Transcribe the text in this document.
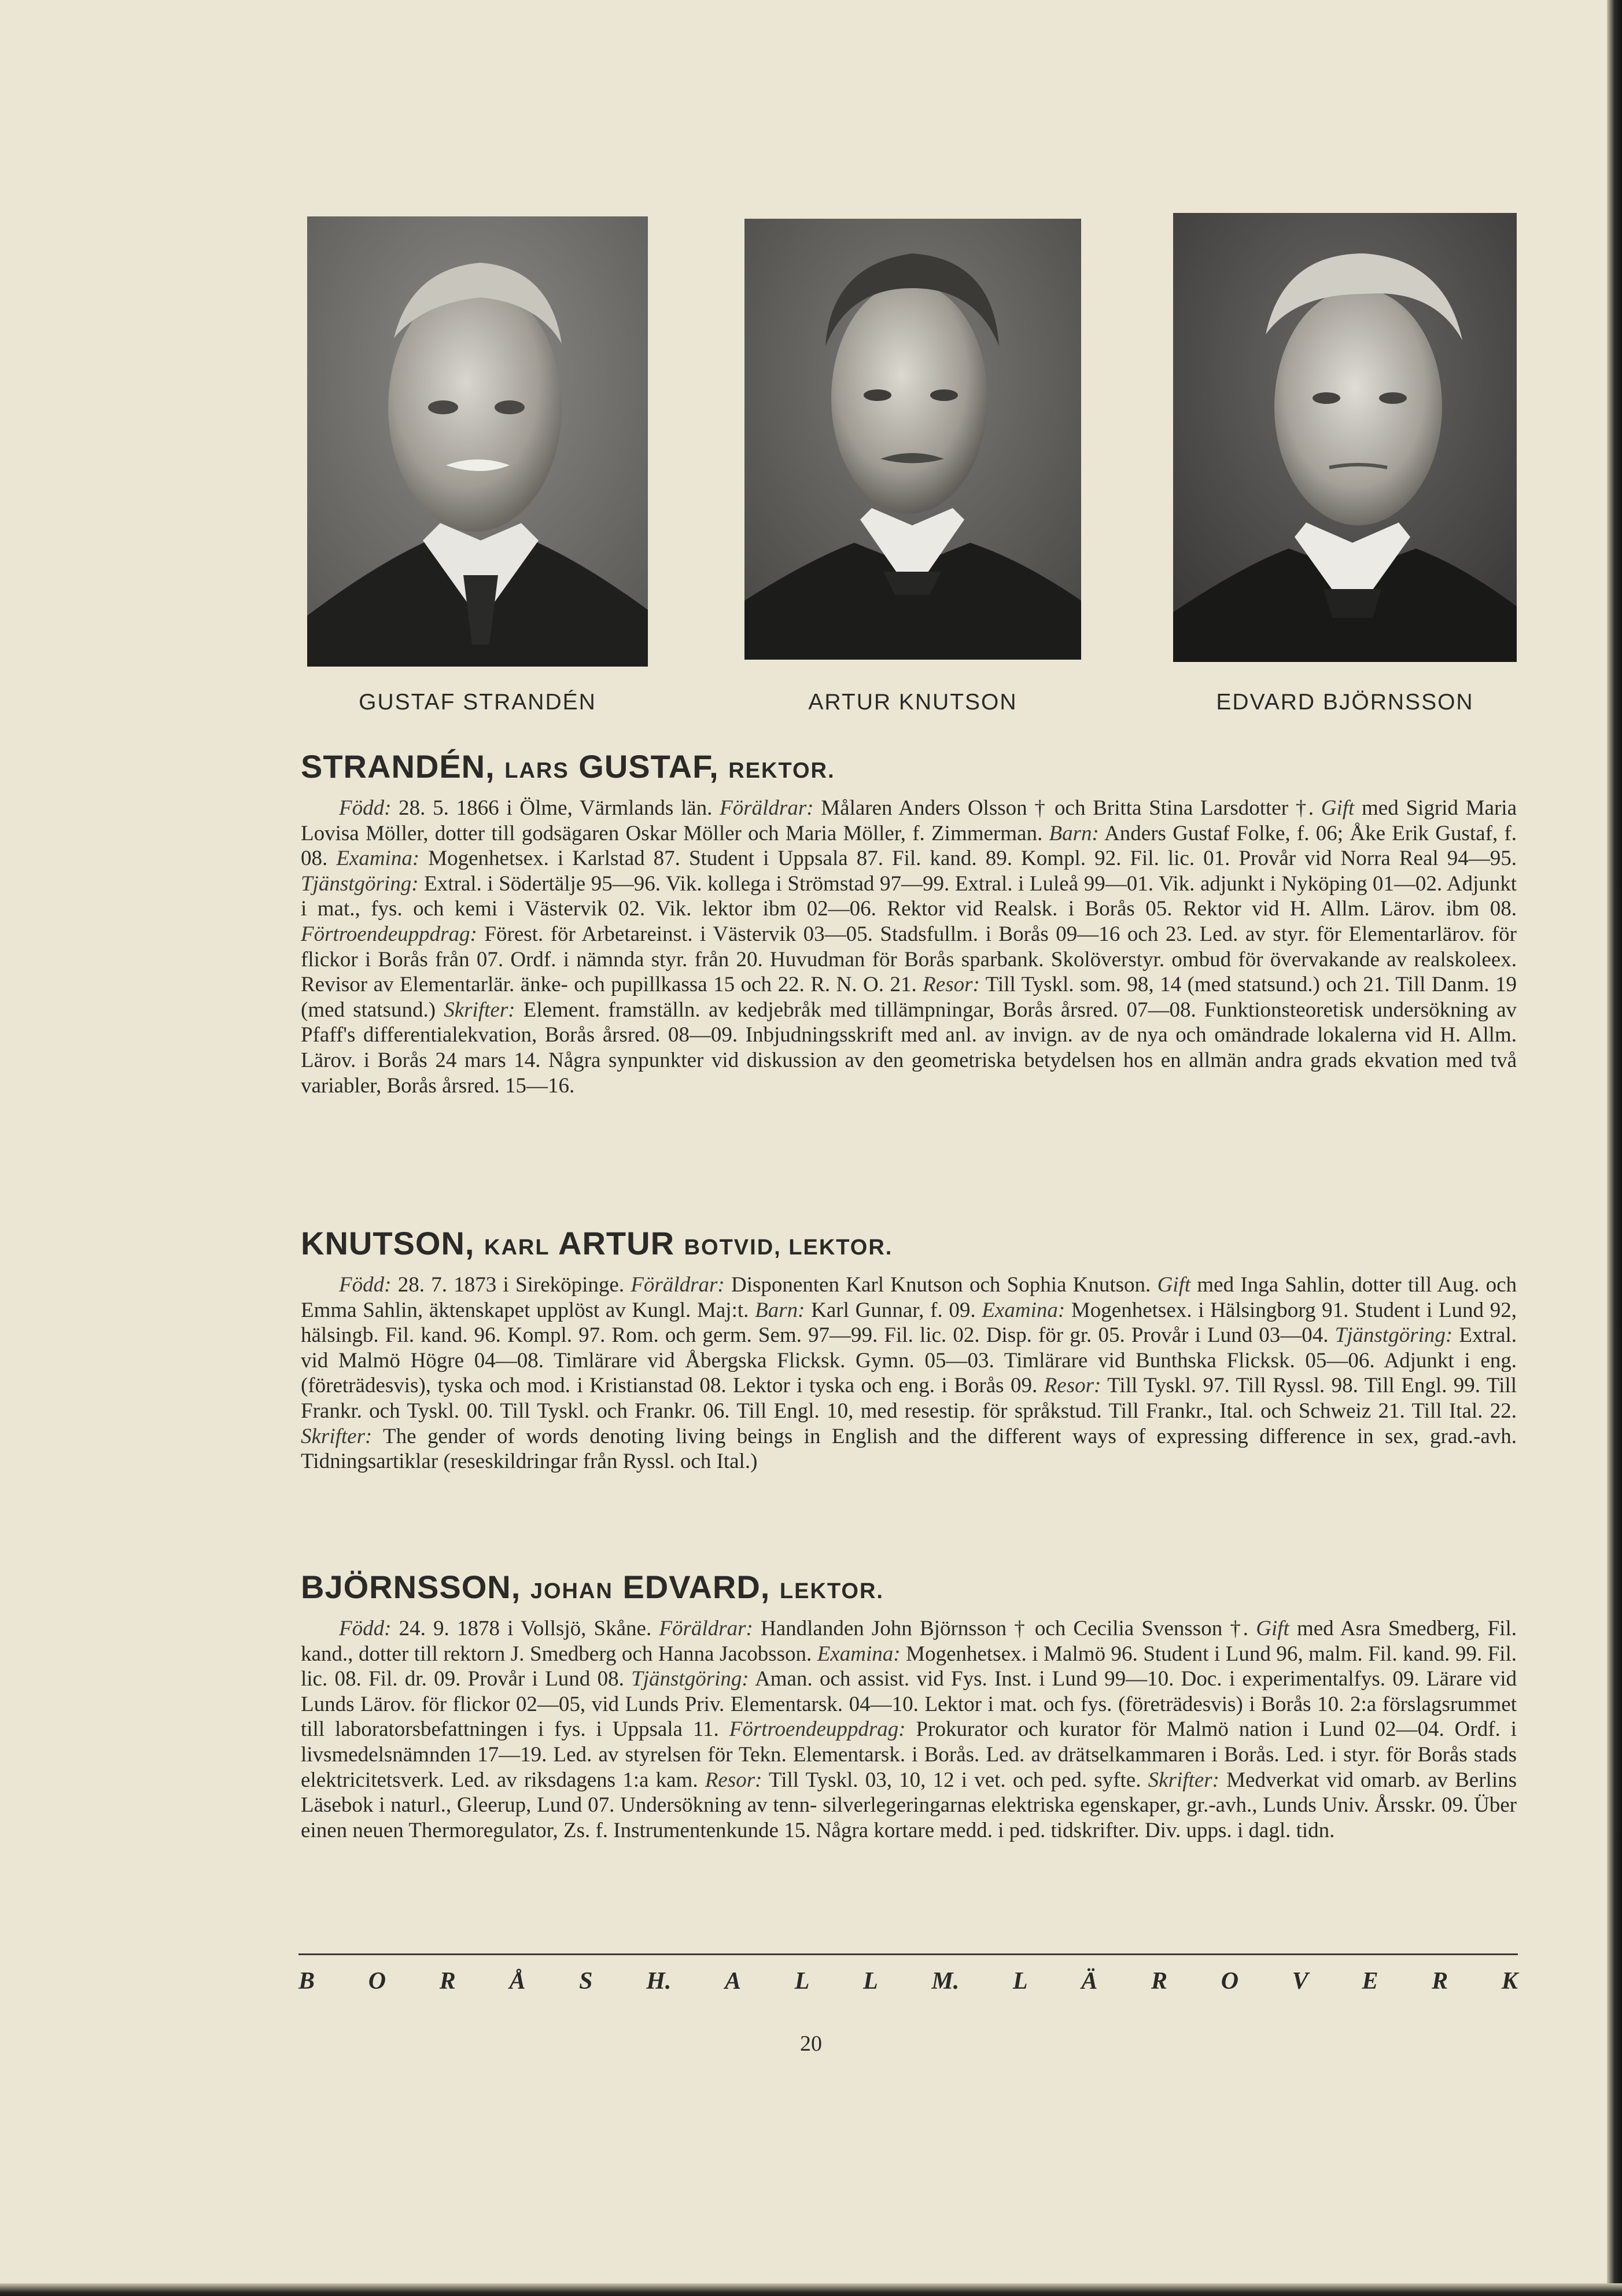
GUSTAF STRANDÉN	ARTUR KNUTSON	EDVARD BJÖRNSSON
STRANDÉN, LARS GUSTAF, REKTOR.

Född: 28. 5. 1866 i Ölme, Värmlands län. Föräldrar: Målaren Anders Olsson † och Britta Stina Larsdotter †. Gift med Sigrid Maria Lovisa Möller, dotter till godsägaren Oskar Möller och Maria Möller, f. Zimmerman. Barn: Anders Gustaf Folke, f. 06; Åke Erik Gustaf, f. 08. Examina: Mogenhetsex. i Karlstad 87. Student i Uppsala 87. Fil. kand. 89. Kompl. 92. Fil. lic. 01. Provår vid Norra Real 94—95. Tjänstgöring: Extral. i Södertälje 95—96. Vik. kollega i Strömstad 97—99. Extral. i Luleå 99—01. Vik. adjunkt i Nyköping 01—02. Adjunkt i mat., fys. och kemi i Västervik 02. Vik. lektor ibm 02—06. Rektor vid Realsk. i Borås 05. Rektor vid H. Allm. Lärov. ibm 08. Förtroendeuppdrag: Förest. för Arbetareinst. i Västervik 03—05. Stadsfullm. i Borås 09—16 och 23. Led. av styr. för Elementarlärov. för flickor i Borås från 07. Ordf. i nämnda styr. från 20. Huvudman för Borås sparbank. Skolöverstyr. ombud för övervakande av realskoleex. Revisor av Elementarlär. änke- och pupillkassa 15 och 22. R. N. O. 21. Resor: Till Tyskl. som. 98, 14 (med statsund.) och 21. Till Danm. 19 (med statsund.) Skrifter: Element. framställn. av kedjebråk med tillämpningar, Borås årsred. 07—08. Funktionsteoretisk undersökning av Pfaff's differentialekvation, Borås årsred. 08—09. Inbjudningsskrift med anl. av invign. av de nya och omändrade lokalerna vid H. Allm. Lärov. i Borås 24 mars 14. Några synpunkter vid diskussion av den geometriska betydelsen hos en allmän andra grads ekvation med två variabler, Borås årsred. 15—16.

KNUTSON, KARL ARTUR BOTVID, LEKTOR.

Född: 28. 7. 1873 i Sireköpinge. Föräldrar: Disponenten Karl Knutson och Sophia Knutson. Gift med Inga Sahlin, dotter till Aug. och Emma Sahlin, äktenskapet upplöst av Kungl. Maj:t. Barn: Karl Gunnar, f. 09. Examina: Mogenhetsex. i Hälsingborg 91. Student i Lund 92, hälsingb. Fil. kand. 96. Kompl. 97. Rom. och germ. Sem. 97—99. Fil. lic. 02. Disp. för gr. 05. Provår i Lund 03—04. Tjänstgöring: Extral. vid Malmö Högre 04—08. Timlärare vid Åbergska Flicksk. Gymn. 05—03. Timlärare vid Bunthska Flicksk. 05—06. Adjunkt i eng. (företrädesvis), tyska och mod. i Kristianstad 08. Lektor i tyska och eng. i Borås 09. Resor: Till Tyskl. 97. Till Ryssl. 98. Till Engl. 99. Till Frankr. och Tyskl. 00. Till Tyskl. och Frankr. 06. Till Engl. 10, med resestip. för språkstud. Till Frankr., Ital. och Schweiz 21. Till Ital. 22. Skrifter: The gender of words denoting living beings in English and the different ways of expressing difference in sex, grad.-avh. Tidningsartiklar (reseskildringar från Ryssl. och Ital.)

BJÖRNSSON, JOHAN EDVARD, LEKTOR.

Född: 24. 9. 1878 i Vollsjö, Skåne. Föräldrar: Handlanden John Björnsson † och Cecilia Svensson †. Gift med Asra Smedberg, Fil. kand., dotter till rektorn J. Smedberg och Hanna Jacobsson. Examina: Mogenhetsex. i Malmö 96. Student i Lund 96, malm. Fil. kand. 99. Fil. lic. 08. Fil. dr. 09. Provår i Lund 08. Tjänstgöring: Aman. och assist. vid Fys. Inst. i Lund 99—10. Doc. i experimentalfys. 09. Lärare vid Lunds Lärov. för flickor 02—05, vid Lunds Priv. Elementarsk. 04—10. Lektor i mat. och fys. (företrädesvis) i Borås 10. 2:a förslagsrummet till laboratorsbefattningen i fys. i Uppsala 11. Förtroendeuppdrag: Prokurator och kurator för Malmö nation i Lund 02—04. Ordf. i livsmedelsnämnden 17—19. Led. av styrelsen för Tekn. Elementarsk. i Borås. Led. av drätselkammaren i Borås. Led. i styr. för Borås stads elektricitetsverk. Led. av riksdagens 1:a kam. Resor: Till Tyskl. 03, 10, 12 i vet. och ped. syfte. Skrifter: Medverkat vid omarb. av Berlins Läsebok i naturl., Gleerup, Lund 07. Undersökning av tenn- silverlegeringarnas elektriska egenskaper, gr.-avh., Lunds Univ. Årsskr. 09. Über einen neuen Thermoregulator, Zs. f. Instrumentenkunde 15. Några kortare medd. i ped. tidskrifter. Div. upps. i dagl. tidn.

B O R Å S H. A L L M. L Ä R O V E R K
20
